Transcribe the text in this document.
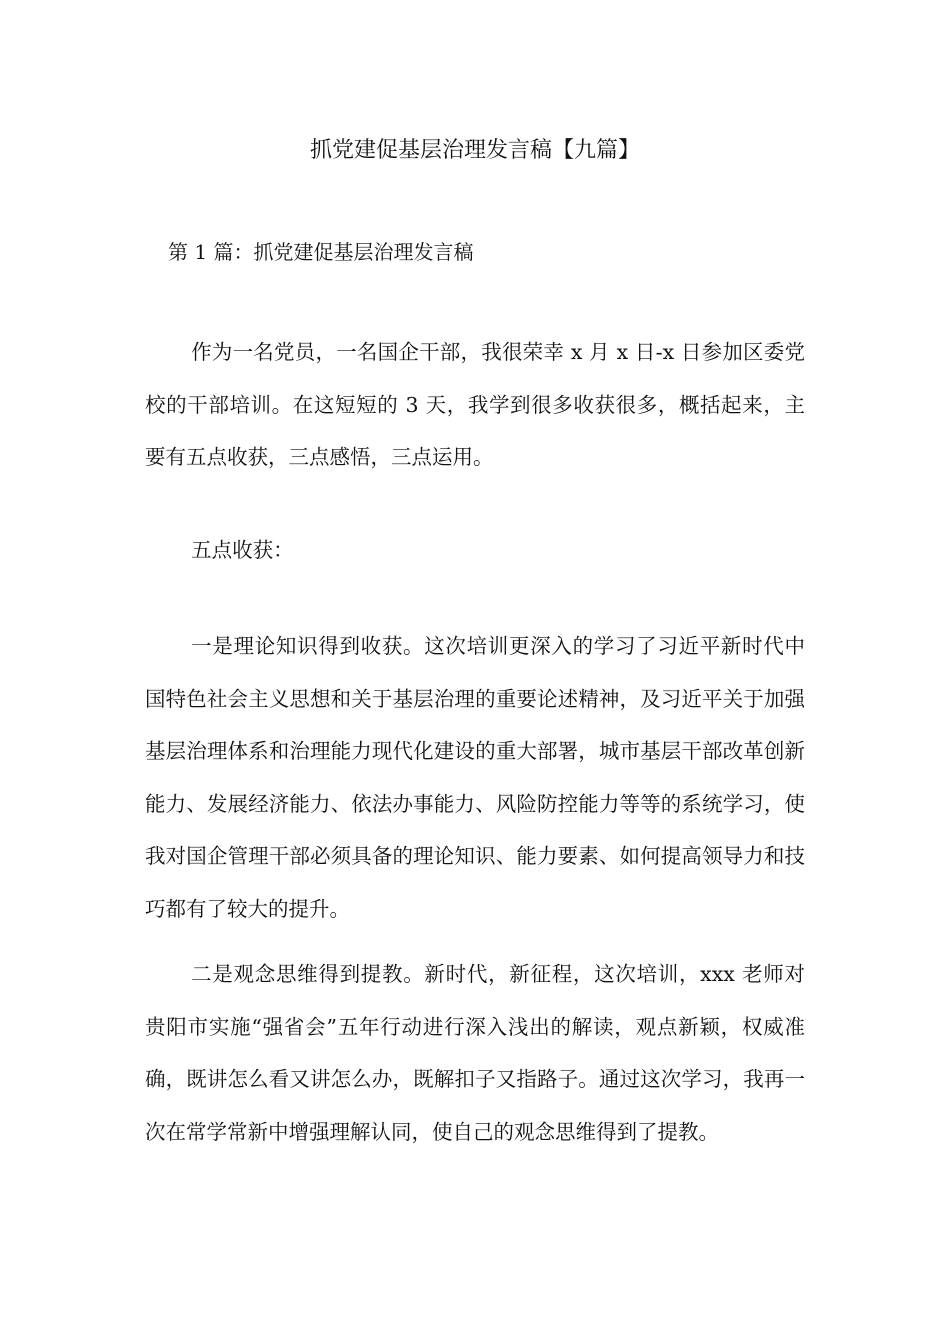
抓党建促基层治理发言稿【九篇】
第 1 篇：抓党建促基层治理发言稿

作为一名党员，一名国企干部，我很荣幸 x 月 x 日-x 日参加区委党校的干部培训。在这短短的 3 天，我学到很多收获很多，概括起来，主要有五点收获，三点感悟，三点运用。

五点收获：

一是理论知识得到收获。这次培训更深入的学习了习近平新时代中国特色社会主义思想和关于基层治理的重要论述精神，及习近平关于加强基层治理体系和治理能力现代化建设的重大部署，城市基层干部改革创新能力、发展经济能力、依法办事能力、风险防控能力等等的系统学习，使我对国企管理干部必须具备的理论知识、能力要素、如何提高领导力和技巧都有了较大的提升。

二是观念思维得到提教。新时代，新征程，这次培训，xxx 老师对贵阳市实施“强省会”五年行动进行深入浅出的解读，观点新颖，权威准确，既讲怎么看又讲怎么办，既解扣子又指路子。通过这次学习，我再一次在常学常新中增强理解认同，使自己的观念思维得到了提教。
